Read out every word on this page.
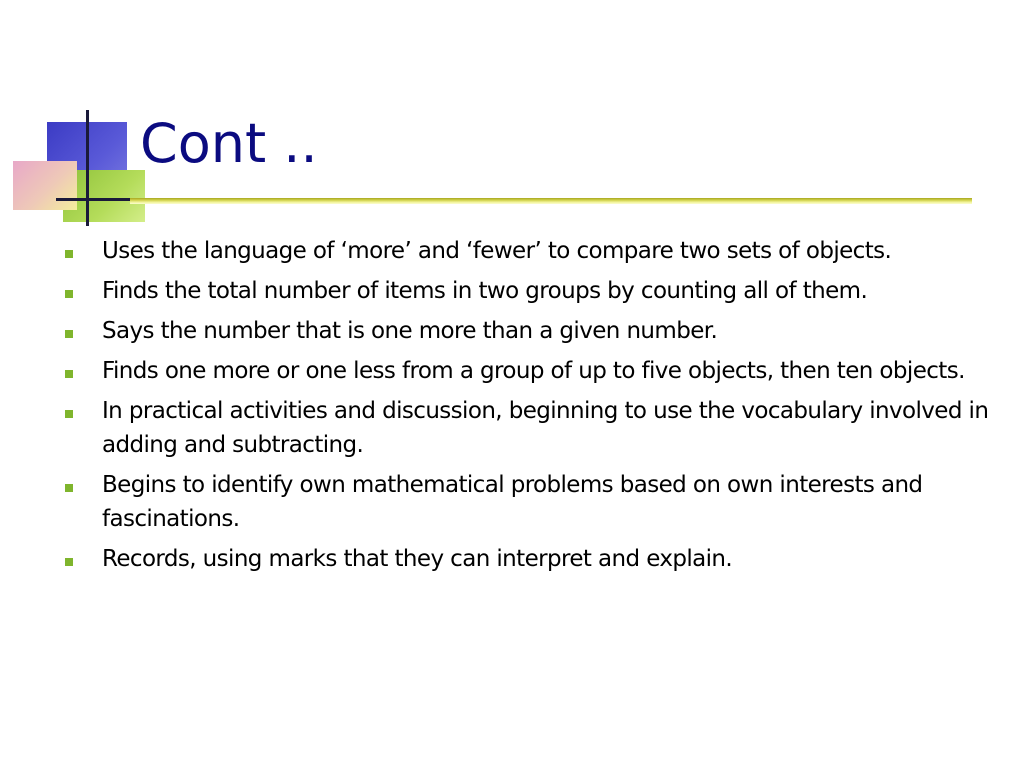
Cont ..
Uses the language of ‘more’ and ‘fewer’ to compare two sets of objects.
Finds the total number of items in two groups by counting all of them.
Says the number that is one more than a given number.
Finds one more or one less from a group of up to five objects, then ten objects.
In practical activities and discussion, beginning to use the vocabulary involved in adding and subtracting.
Begins to identify own mathematical problems based on own interests and fascinations.
Records, using marks that they can interpret and explain.
